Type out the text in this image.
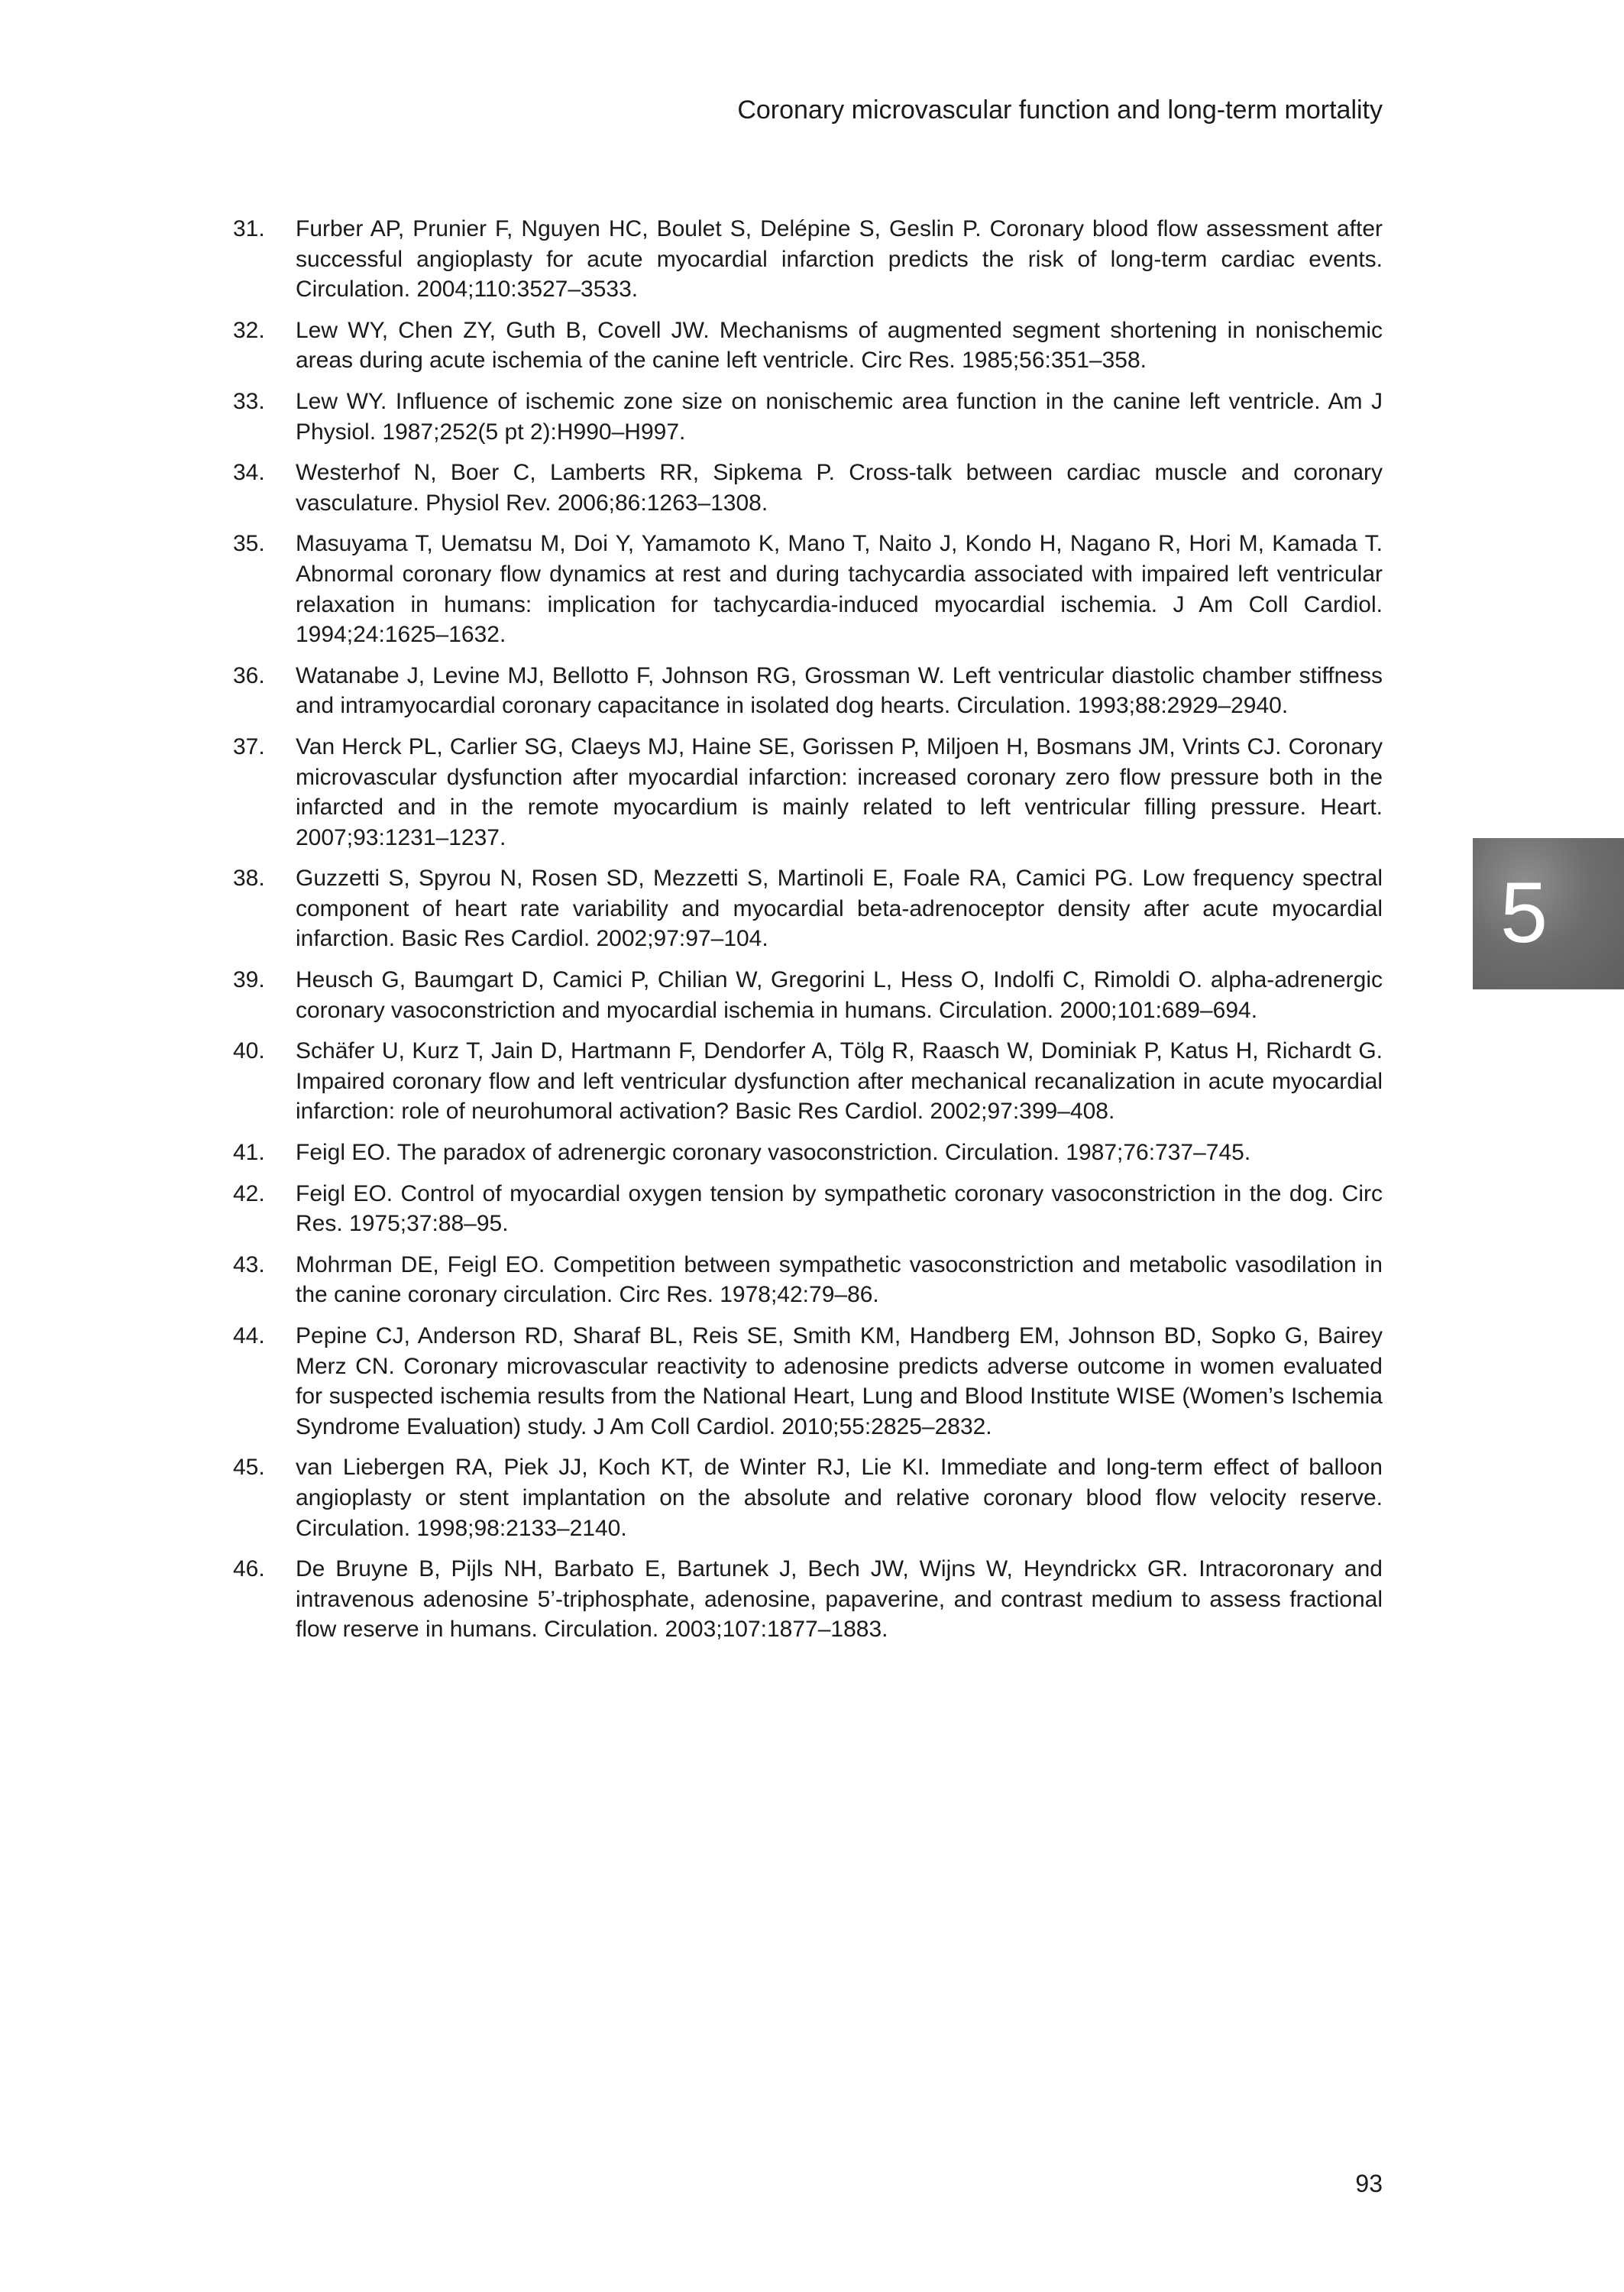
Coronary microvascular function and long-term mortality
31.	Furber AP, Prunier F, Nguyen HC, Boulet S, Delépine S, Geslin P. Coronary blood flow assessment after successful angioplasty for acute myocardial infarction predicts the risk of long-term cardiac events. Circulation. 2004;110:3527–3533.
32.	Lew WY, Chen ZY, Guth B, Covell JW. Mechanisms of augmented segment shortening in nonischemic areas during acute ischemia of the canine left ventricle. Circ Res. 1985;56:351–358.
33.	Lew WY. Influence of ischemic zone size on nonischemic area function in the canine left ventricle. Am J Physiol. 1987;252(5 pt 2):H990–H997.
34.	Westerhof N, Boer C, Lamberts RR, Sipkema P. Cross-talk between cardiac muscle and coronary vasculature. Physiol Rev. 2006;86:1263–1308.
35.	Masuyama T, Uematsu M, Doi Y, Yamamoto K, Mano T, Naito J, Kondo H, Nagano R, Hori M, Kamada T. Abnormal coronary flow dynamics at rest and during tachycardia associated with impaired left ventricular relaxation in humans: implication for tachycardia-induced myocardial ischemia. J Am Coll Cardiol. 1994;24:1625–1632.
36.	Watanabe J, Levine MJ, Bellotto F, Johnson RG, Grossman W. Left ventricular diastolic chamber stiffness and intramyocardial coronary capacitance in isolated dog hearts. Circulation. 1993;88:2929–2940.
37.	Van Herck PL, Carlier SG, Claeys MJ, Haine SE, Gorissen P, Miljoen H, Bosmans JM, Vrints CJ. Coronary microvascular dysfunction after myocardial infarction: increased coronary zero flow pressure both in the infarcted and in the remote myocardium is mainly related to left ventricular filling pressure. Heart. 2007;93:1231–1237.
38.	Guzzetti S, Spyrou N, Rosen SD, Mezzetti S, Martinoli E, Foale RA, Camici PG. Low frequency spectral component of heart rate variability and myocardial beta-adrenoceptor density after acute myocardial infarction. Basic Res Cardiol. 2002;97:97–104.
39.	Heusch G, Baumgart D, Camici P, Chilian W, Gregorini L, Hess O, Indolfi C, Rimoldi O. alpha-adrenergic coronary vasoconstriction and myocardial ischemia in humans. Circulation. 2000;101:689–694.
40.	Schäfer U, Kurz T, Jain D, Hartmann F, Dendorfer A, Tölg R, Raasch W, Dominiak P, Katus H, Richardt G. Impaired coronary flow and left ventricular dysfunction after mechanical recanalization in acute myocardial infarction: role of neurohumoral activation? Basic Res Cardiol. 2002;97:399–408.
41.	Feigl EO. The paradox of adrenergic coronary vasoconstriction. Circulation. 1987;76:737–745.
42.	Feigl EO. Control of myocardial oxygen tension by sympathetic coronary vasoconstriction in the dog. Circ Res. 1975;37:88–95.
43.	Mohrman DE, Feigl EO. Competition between sympathetic vasoconstriction and metabolic vasodilation in the canine coronary circulation. Circ Res. 1978;42:79–86.
44.	Pepine CJ, Anderson RD, Sharaf BL, Reis SE, Smith KM, Handberg EM, Johnson BD, Sopko G, Bairey Merz CN. Coronary microvascular reactivity to adenosine predicts adverse outcome in women evaluated for suspected ischemia results from the National Heart, Lung and Blood Institute WISE (Women’s Ischemia Syndrome Evaluation) study. J Am Coll Cardiol. 2010;55:2825–2832.
45.	van Liebergen RA, Piek JJ, Koch KT, de Winter RJ, Lie KI. Immediate and long-term effect of balloon angioplasty or stent implantation on the absolute and relative coronary blood flow velocity reserve. Circulation. 1998;98:2133–2140.
46.	De Bruyne B, Pijls NH, Barbato E, Bartunek J, Bech JW, Wijns W, Heyndrickx GR. Intracoronary and intravenous adenosine 5’-triphosphate, adenosine, papaverine, and contrast medium to assess fractional flow reserve in humans. Circulation. 2003;107:1877–1883.
5
93
